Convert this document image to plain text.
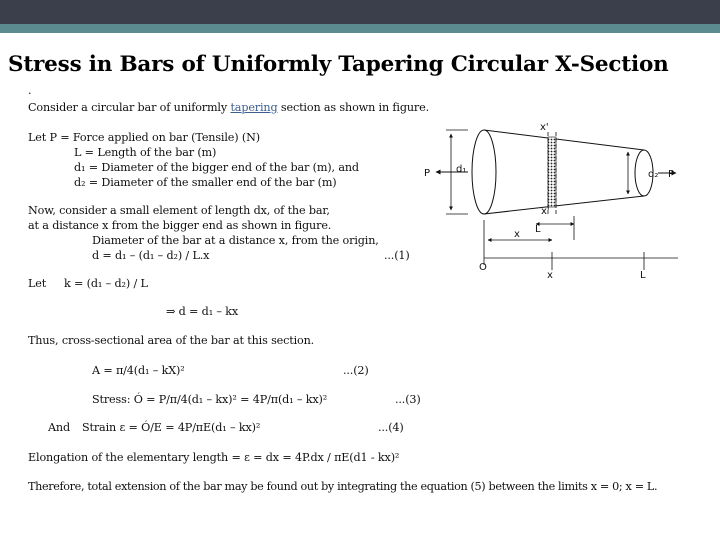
Stress in Bars of Uniformly Tapering Circular X-Section
.
Consider a circular bar of uniformly tapering section as shown in figure.
Let P = Force applied on bar (Tensile) (N)
L = Length of the bar (m)
d₁ = Diameter of the bigger end of the bar (m), and
d₂ = Diameter of the smaller end of the bar (m)
Now, consider a small element of length dx, of the bar,
at a distance x from the bigger end as shown in figure.
Diameter of the bar at a distance x, from the origin,
d = d₁ – (d₁ – d₂) / L.x	...(1)
Let k = (d₁ – d₂) / L
⇒ d = d₁ – kx
Thus, cross-sectional area of the bar at this section.
A = π/4(d₁ – kX)²	...(2)
Stress: Ó = P/π/4(d₁ – kx)² = 4P/π(d₁ – kx)²	...(3)
And Strain ε = Ó/E = 4P/πE(d₁ – kx)²	...(4)
Elongation of the elementary length = ε = dx = 4P.dx / πE(d1 - kx)²
Therefore, total extension of the bar may be found out by integrating the equation (5) between the limits x = 0; x = L.
P	d₁	d₂ P
x'
x'
L
x
O
x	L
